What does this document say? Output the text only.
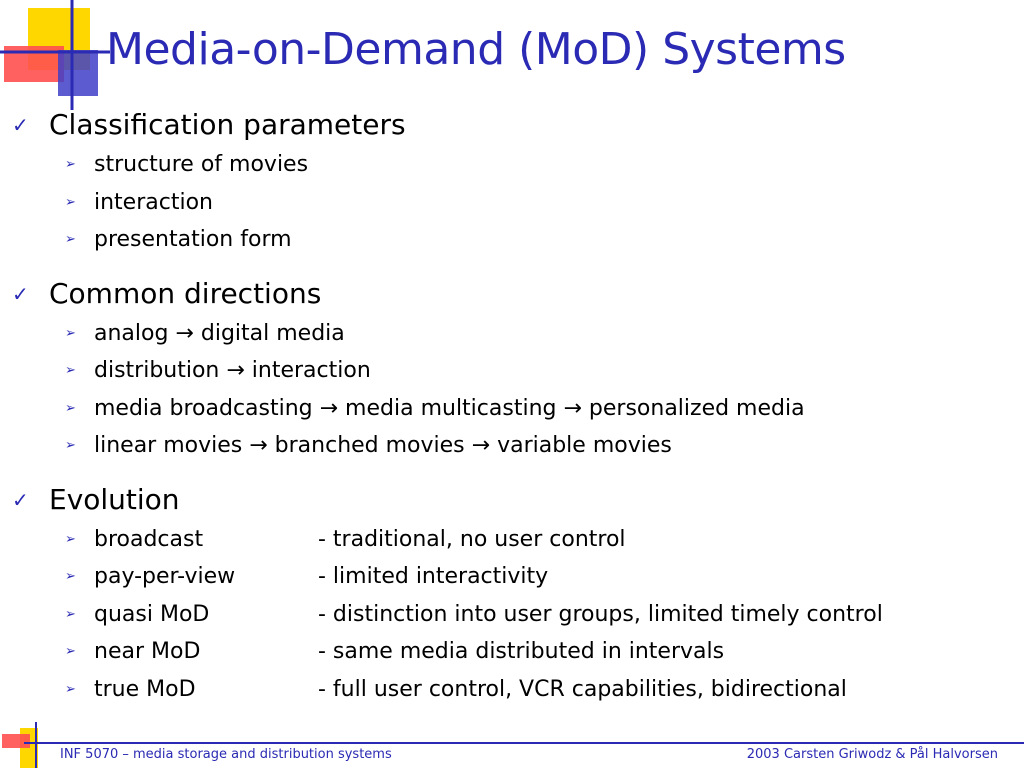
Media-on-Demand (MoD) Systems
✓ Classification parameters
➢ structure of movies
➢ interaction
➢ presentation form
✓ Common directions
➢ analog → digital media
➢ distribution → interaction
➢ media broadcasting → media multicasting → personalized media
➢ linear movies → branched movies → variable movies
✓ Evolution
➢ broadcast	- traditional, no user control
➢ pay-per-view	- limited interactivity
➢ quasi MoD	- distinction into user groups, limited timely control
➢ near MoD	- same media distributed in intervals
➢ true MoD	- full user control, VCR capabilities, bidirectional
INF 5070 – media storage and distribution systems	2003 Carsten Griwodz & Pål Halvorsen
